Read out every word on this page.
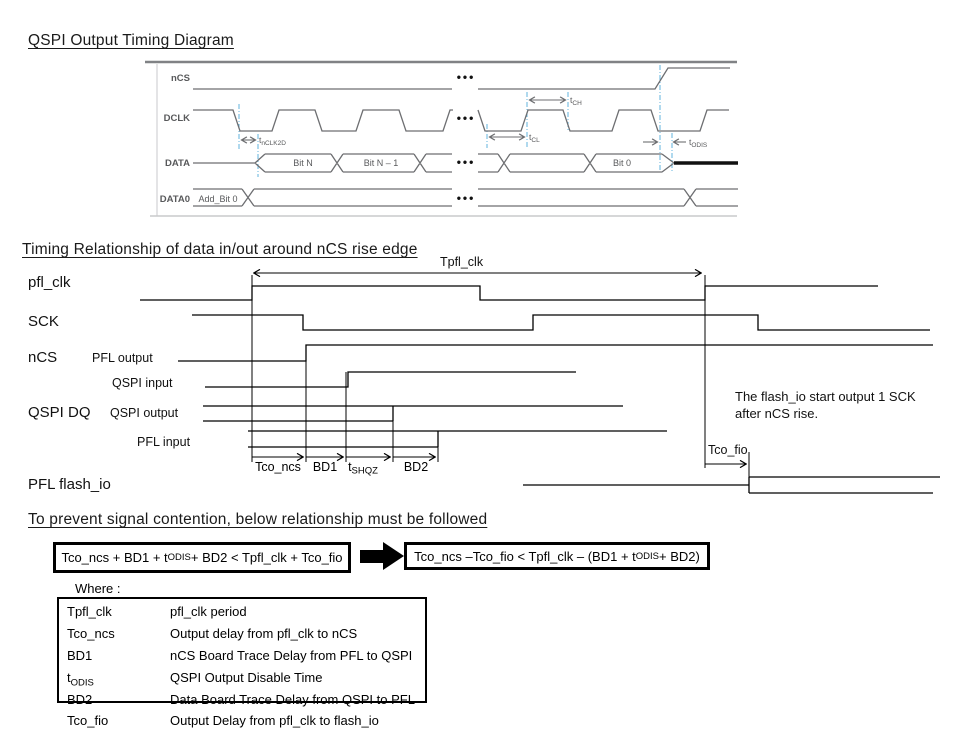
QSPI Output Timing Diagram
nCS
DCLK
DATA
DATA0
Bit N	Bit N – 1	Bit 0
Add_Bit 0
$t_{nCLK2D}$
$t_{CH}$
$t_{CL}$	$t_{ODIS}$
•••
•••
•••
•••
Timing Relationship of data in/out around nCS rise edge
Tco_ncs BD1 $t_{SHQZ}$ BD2
pfl_clk
SCK
nCS
QSPI DQ
PFL flash_io
PFL output
QSPI input
QSPI output
PFL input
Tpfl_clk
Tco_fio
The flash_io start output 1 SCK
after nCS rise.
To prevent signal contention, below relationship must be followed
Tco_ncs + BD1 + t ODIS + BD2 < Tpfl_clk + Tco_fio	Tco_ncs –Tco_fio < Tpfl_clk – (BD1 + t ODIS + BD2)
Where :
Tpfl_clk	pfl_clk period
Tco_ncs	Output delay from pfl_clk to nCS
BD1	nCS Board Trace Delay from PFL to QSPI
$t_{ODIS}$	QSPI Output Disable Time
BD2	Data Board Trace Delay from QSPI to PFL
Tco_fio	Output Delay from pfl_clk to flash_io
